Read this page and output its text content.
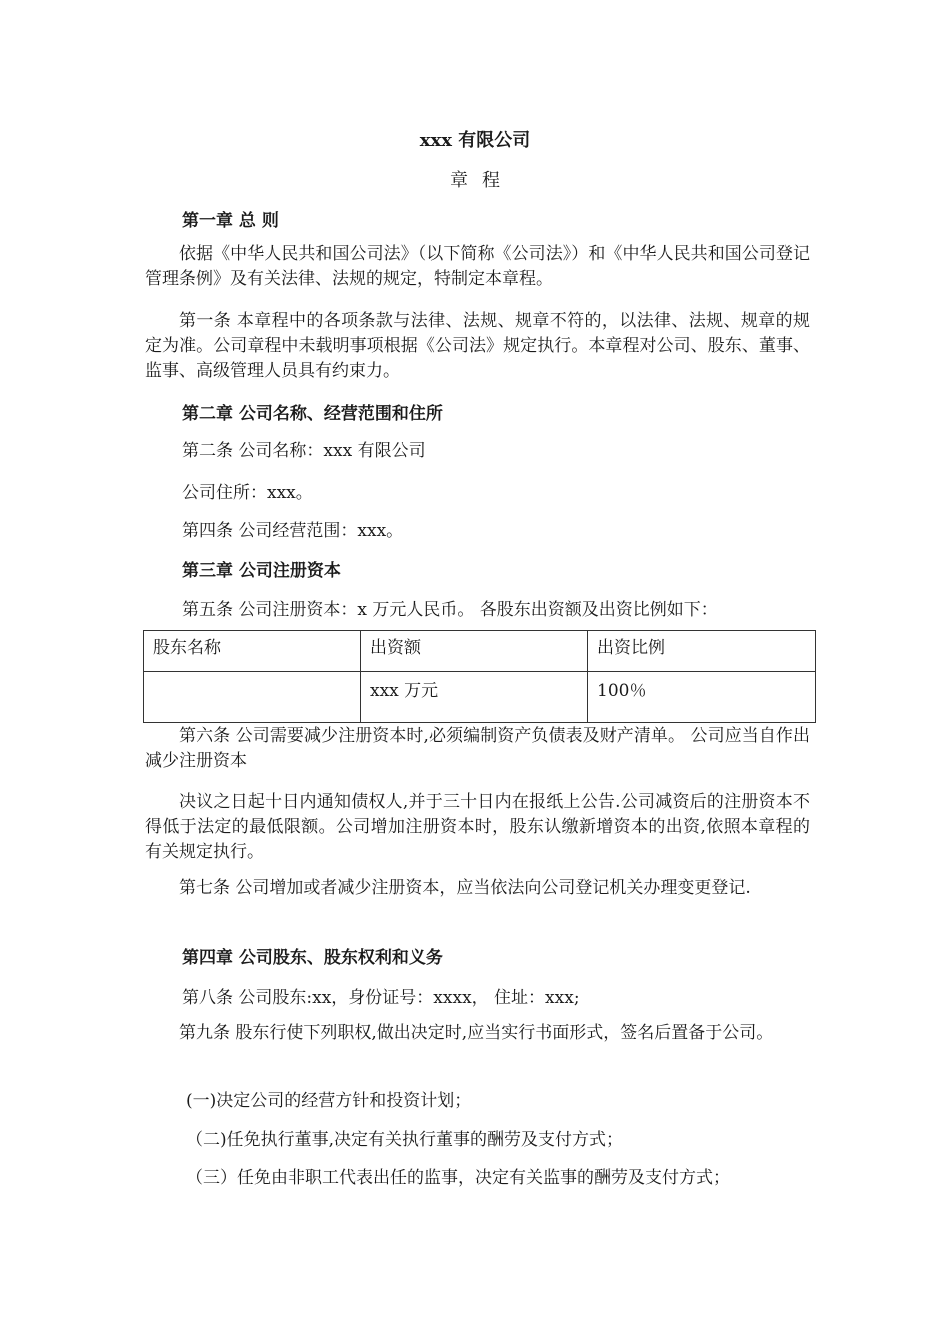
xxx 有限公司
章程
第一章 总 则
依据《中华人民共和国公司法》（以下简称《公司法》）和《中华人民共和国公司登记管理条例》及有关法律、法规的规定，特制定本章程。
第一条 本章程中的各项条款与法律、法规、规章不符的，以法律、法规、规章的规定为准。公司章程中未载明事项根据《公司法》规定执行。本章程对公司、股东、董事、监事、高级管理人员具有约束力。
第二章 公司名称、经营范围和住所
第二条 公司名称：xxx 有限公司
公司住所：xxx。
第四条 公司经营范围：xxx。
第三章 公司注册资本
第五条 公司注册资本：x 万元人民币。 各股东出资额及出资比例如下：
股东名称	出资额	出资比例
	xxx 万元	100％
第六条 公司需要减少注册资本时,必须编制资产负债表及财产清单。 公司应当自作出减少注册资本
决议之日起十日内通知债权人,并于三十日内在报纸上公告.公司减资后的注册资本不得低于法定的最低限额。公司增加注册资本时，股东认缴新增资本的出资,依照本章程的有关规定执行。
第七条 公司增加或者减少注册资本，应当依法向公司登记机关办理变更登记.
第四章 公司股东、股东权利和义务
第八条 公司股东:xx，身份证号：xxxx， 住址：xxx;
第九条 股东行使下列职权,做出决定时,应当实行书面形式，签名后置备于公司。
(一)决定公司的经营方针和投资计划；
（二)任免执行董事,决定有关执行董事的酬劳及支付方式；
（三）任免由非职工代表出任的监事，决定有关监事的酬劳及支付方式；
